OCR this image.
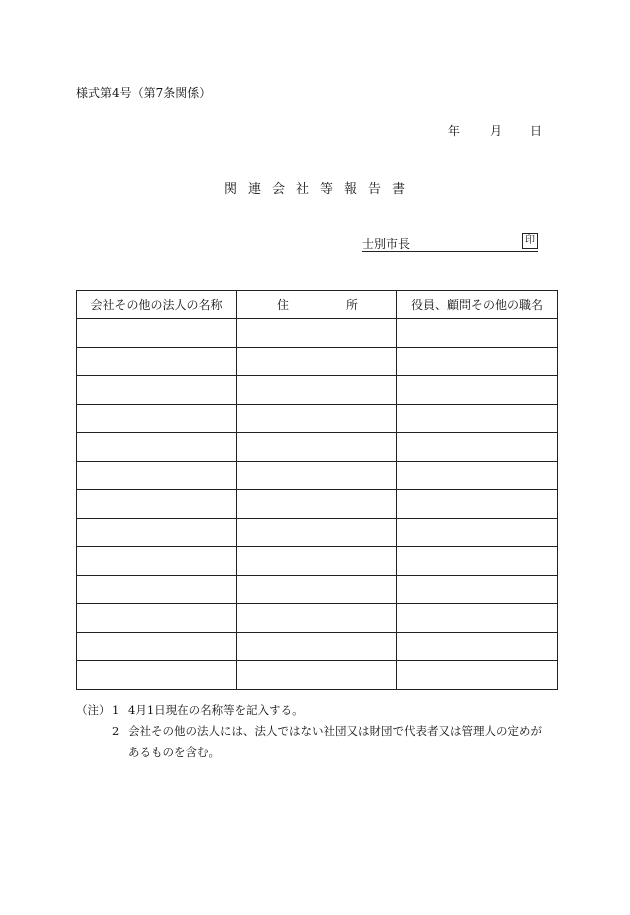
様式第4号（第7条関係）
年	月	日
関連会社等報告書
士別市長	印
会社その他の法人の名称	住 所	役員、顧問その他の職名

（注） 1 4月1日現在の名称等を記入する。
2 会社その他の法人には、法人ではない社団又は財団で代表者又は管理人の定めが
あるものを含む。
